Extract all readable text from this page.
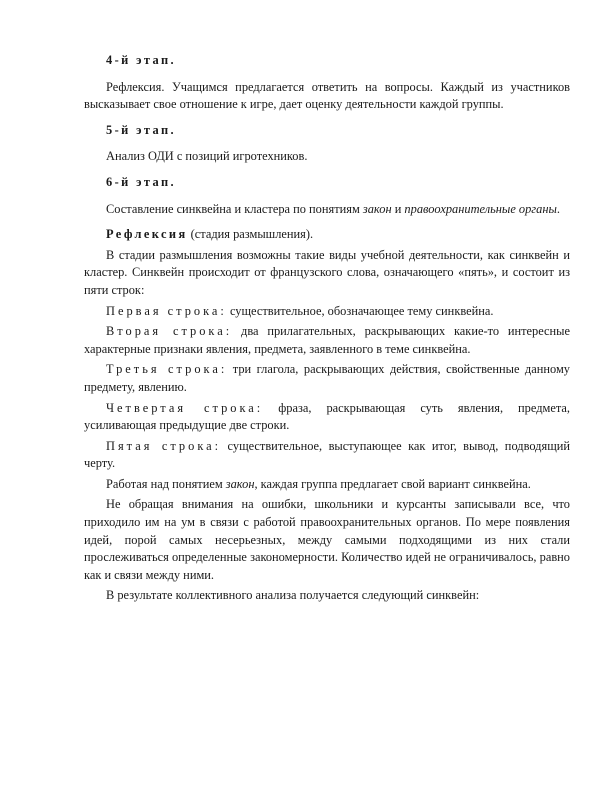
4-й этап.

Рефлексия. Учащимся предлагается ответить на вопросы. Каждый из участников высказывает свое отношение к игре, дает оценку деятельности каждой группы.

5-й этап.

Анализ ОДИ с позиций игротехников.

6-й этап.

Составление синквейна и кластера по понятиям закон и правоохранительные органы.

Рефлексия (стадия размышления).

В стадии размышления возможны такие виды учебной деятельности, как синквейн и кластер. Синквейн происходит от французского слова, означающего «пять», и состоит из пяти строк:

Первая строка: существительное, обозначающее тему синквейна.

Вторая строка: два прилагательных, раскрывающих какие-то интересные характерные признаки явления, предмета, заявленного в теме синквейна.

Третья строка: три глагола, раскрывающих действия, свойственные данному предмету, явлению.

Четвертая строка: фраза, раскрывающая суть явления, предмета, усиливающая предыдущие две строки.

Пятая строка: существительное, выступающее как итог, вывод, подводящий черту.

Работая над понятием закон, каждая группа предлагает свой вариант синквейна.

Не обращая внимания на ошибки, школьники и курсанты записывали все, что приходило им на ум в связи с работой правоохранительных органов. По мере появления идей, порой самых несерьезных, между самыми подходящими из них стали прослеживаться определенные закономерности. Количество идей не ограничивалось, равно как и связи между ними.

В результате коллективного анализа получается следующий синквейн:
